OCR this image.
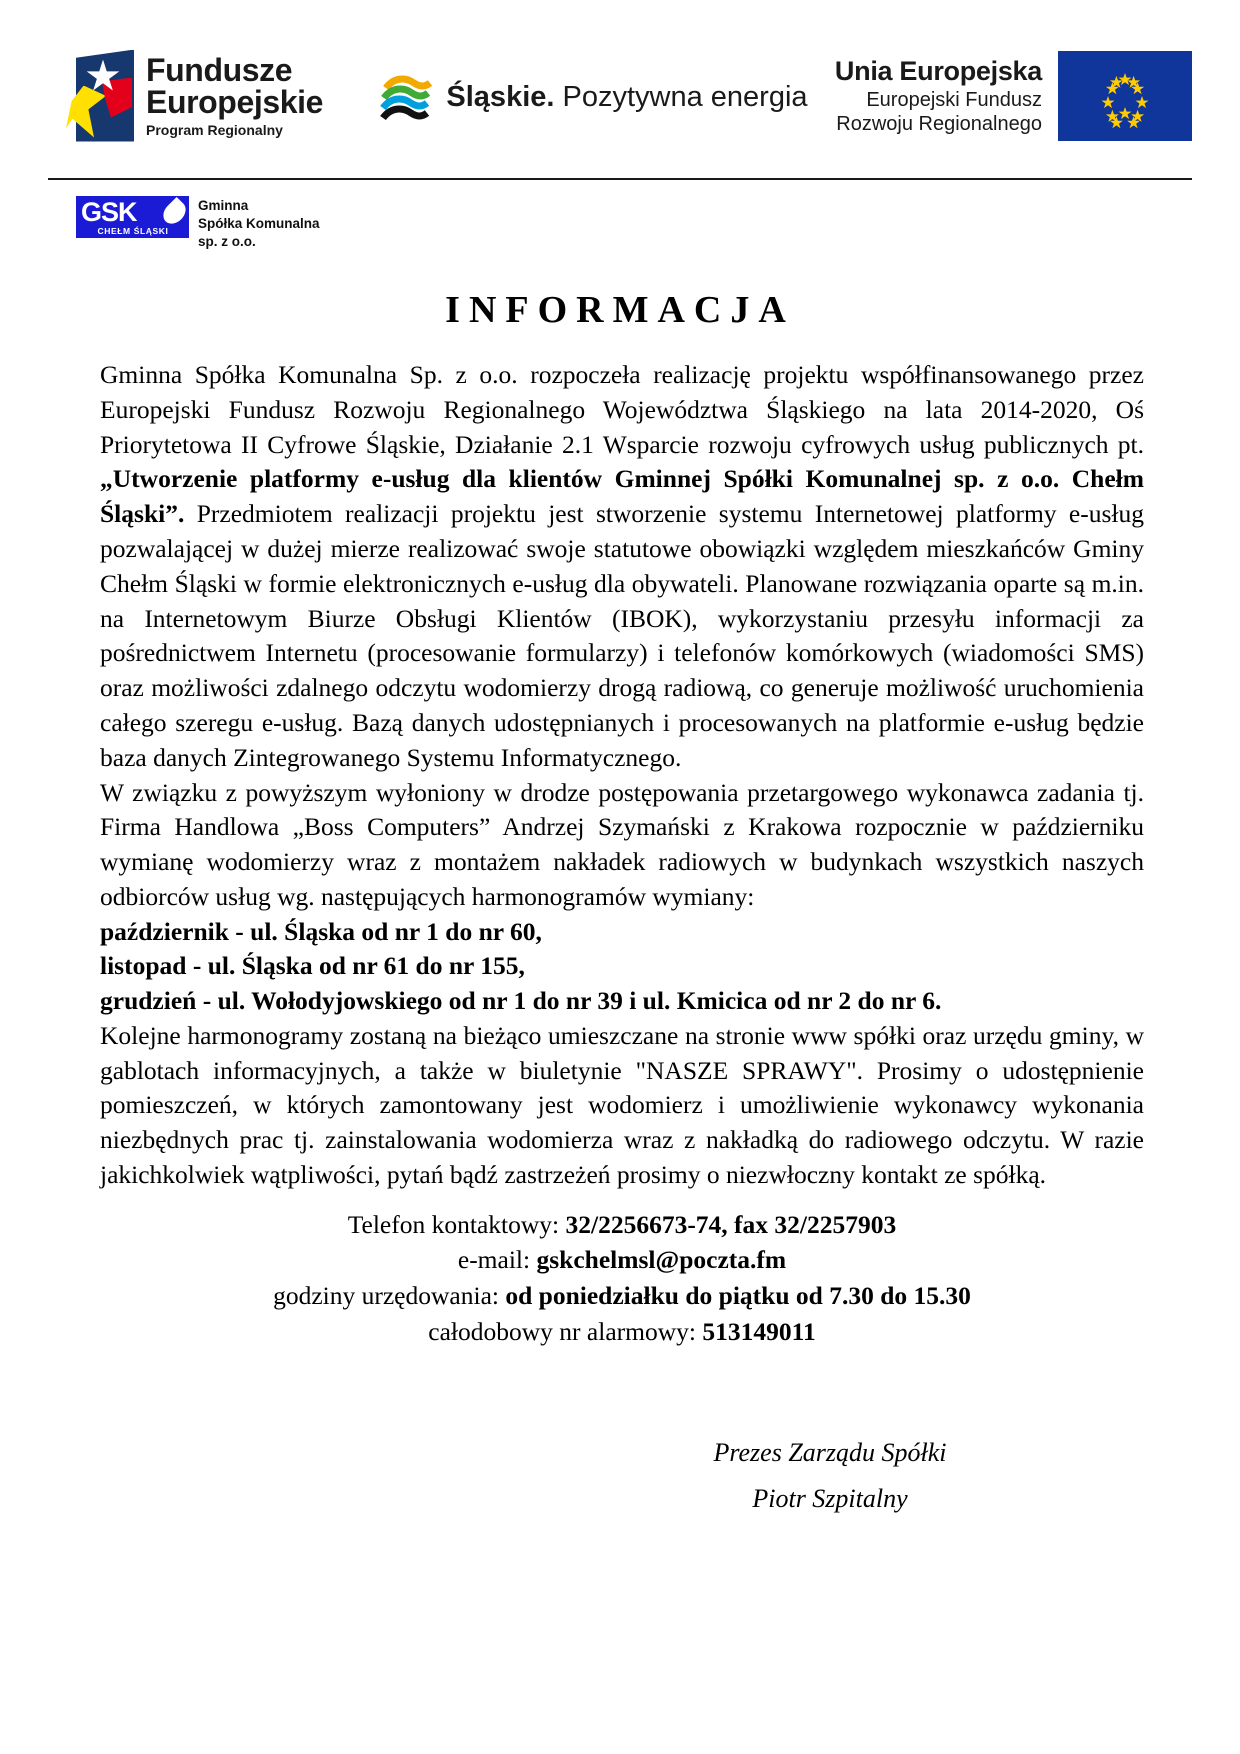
Fundusze
Europejskie
Program Regionalny
Śląskie. Pozytywna energia
Unia Europejska
Europejski Fundusz
Rozwoju Regionalnego
GSK
CHEŁM ŚLĄSKI
Gminna
Spółka Komunalna
sp. z o.o.
INFORMACJA

Gminna Spółka Komunalna Sp. z o.o. rozpoczeła realizację projektu współfinansowanego przez Europejski Fundusz Rozwoju Regionalnego Województwa Śląskiego na lata 2014-2020, Oś Priorytetowa II Cyfrowe Śląskie, Działanie 2.1 Wsparcie rozwoju cyfrowych usług publicznych pt. „Utworzenie platformy e-usług dla klientów Gminnej Spółki Komunalnej sp. z o.o. Chełm Śląski”. Przedmiotem realizacji projektu jest stworzenie systemu Internetowej platformy e-usług pozwalającej w dużej mierze realizować swoje statutowe obowiązki względem mieszkańców Gminy Chełm Śląski w formie elektronicznych e-usług dla obywateli. Planowane rozwiązania oparte są m.in. na Internetowym Biurze Obsługi Klientów (IBOK), wykorzystaniu przesyłu informacji za pośrednictwem Internetu (procesowanie formularzy) i telefonów komórkowych (wiadomości SMS) oraz możliwości zdalnego odczytu wodomierzy drogą radiową, co generuje możliwość uruchomienia całego szeregu e-usług. Bazą danych udostępnianych i procesowanych na platformie e-usług będzie baza danych Zintegrowanego Systemu Informatycznego.

W związku z powyższym wyłoniony w drodze postępowania przetargowego wykonawca zadania tj. Firma Handlowa „Boss Computers” Andrzej Szymański z Krakowa rozpocznie w październiku wymianę wodomierzy wraz z montażem nakładek radiowych w budynkach wszystkich naszych odbiorców usług wg. następujących harmonogramów wymiany:

październik - ul. Śląska od nr 1 do nr 60,

listopad - ul. Śląska od nr 61 do nr 155,

grudzień - ul. Wołodyjowskiego od nr 1 do nr 39 i ul. Kmicica od nr 2 do nr 6.

Kolejne harmonogramy zostaną na bieżąco umieszczane na stronie www spółki oraz urzędu gminy, w gablotach informacyjnych, a także w biuletynie "NASZE SPRAWY". Prosimy o udostępnienie pomieszczeń, w których zamontowany jest wodomierz i umożliwienie wykonawcy wykonania niezbędnych prac tj. zainstalowania wodomierza wraz z nakładką do radiowego odczytu. W razie jakichkolwiek wątpliwości, pytań bądź zastrzeżeń prosimy o niezwłoczny kontakt ze spółką.

Telefon kontaktowy: 32/2256673-74, fax 32/2257903
e-mail: gskchelmsl@poczta.fm
godziny urzędowania: od poniedziałku do piątku od 7.30 do 15.30
całodobowy nr alarmowy: 513149011
Prezes Zarządu Spółki
Piotr Szpitalny
